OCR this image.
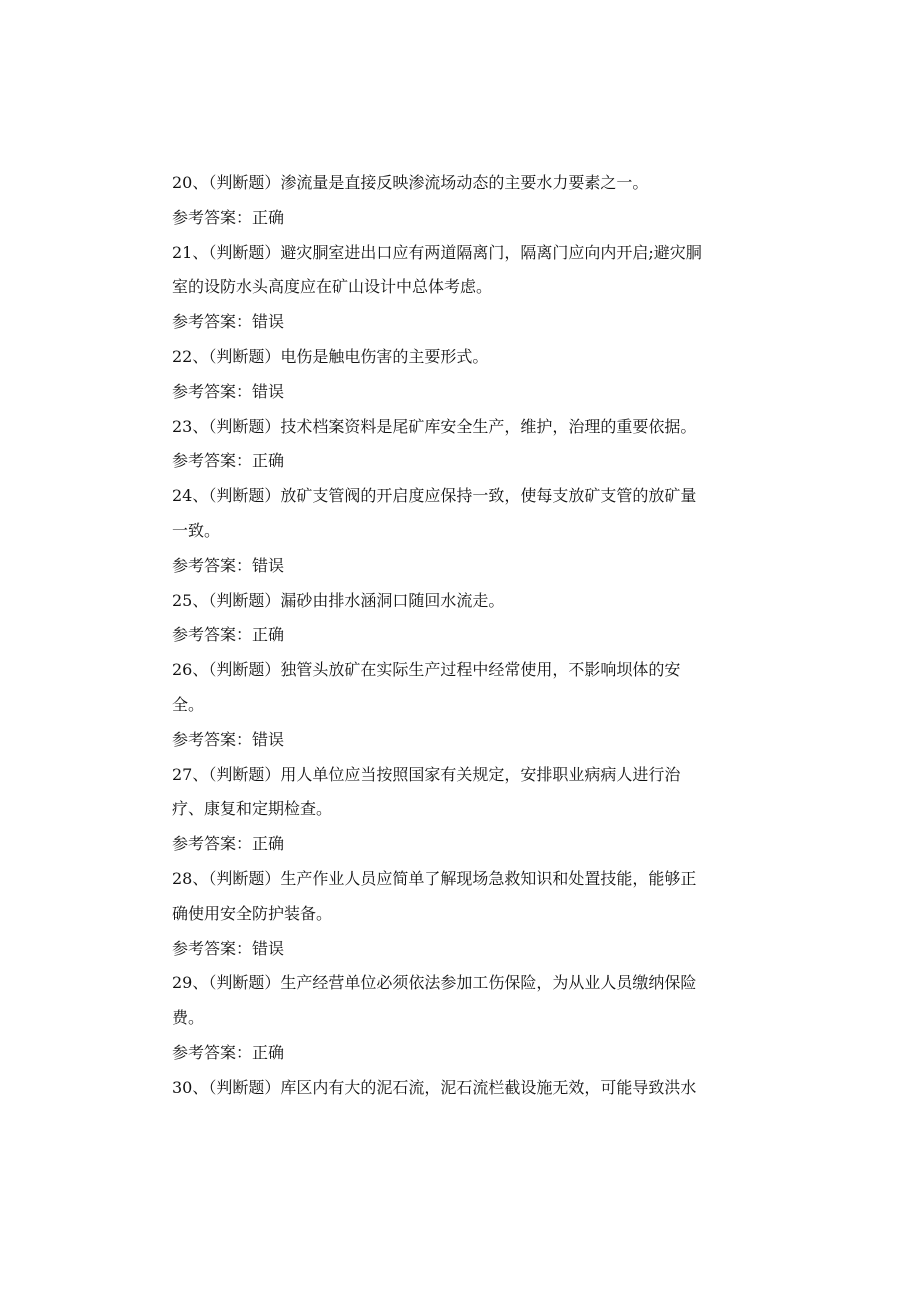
20、（判断题）渗流量是直接反映渗流场动态的主要水力要素之一。
参考答案：正确
21、（判断题）避灾胴室进出口应有两道隔离门，隔离门应向内开启;避灾胴
室的设防水头高度应在矿山设计中总体考虑。
参考答案：错误
22、（判断题）电伤是触电伤害的主要形式。
参考答案：错误
23、（判断题）技术档案资料是尾矿库安全生产，维护，治理的重要依据。
参考答案：正确
24、（判断题）放矿支管阀的开启度应保持一致，使每支放矿支管的放矿量
一致。
参考答案：错误
25、（判断题）漏砂由排水涵洞口随回水流走。
参考答案：正确
26、（判断题）独管头放矿在实际生产过程中经常使用，不影响坝体的安
全。
参考答案：错误
27、（判断题）用人单位应当按照国家有关规定，安排职业病病人进行治
疗、康复和定期检查。
参考答案：正确
28、（判断题）生产作业人员应简单了解现场急救知识和处置技能，能够正
确使用安全防护装备。
参考答案：错误
29、（判断题）生产经营单位必须依法参加工伤保险，为从业人员缴纳保险
费。
参考答案：正确
30、（判断题）库区内有大的泥石流，泥石流栏截设施无效，可能导致洪水
